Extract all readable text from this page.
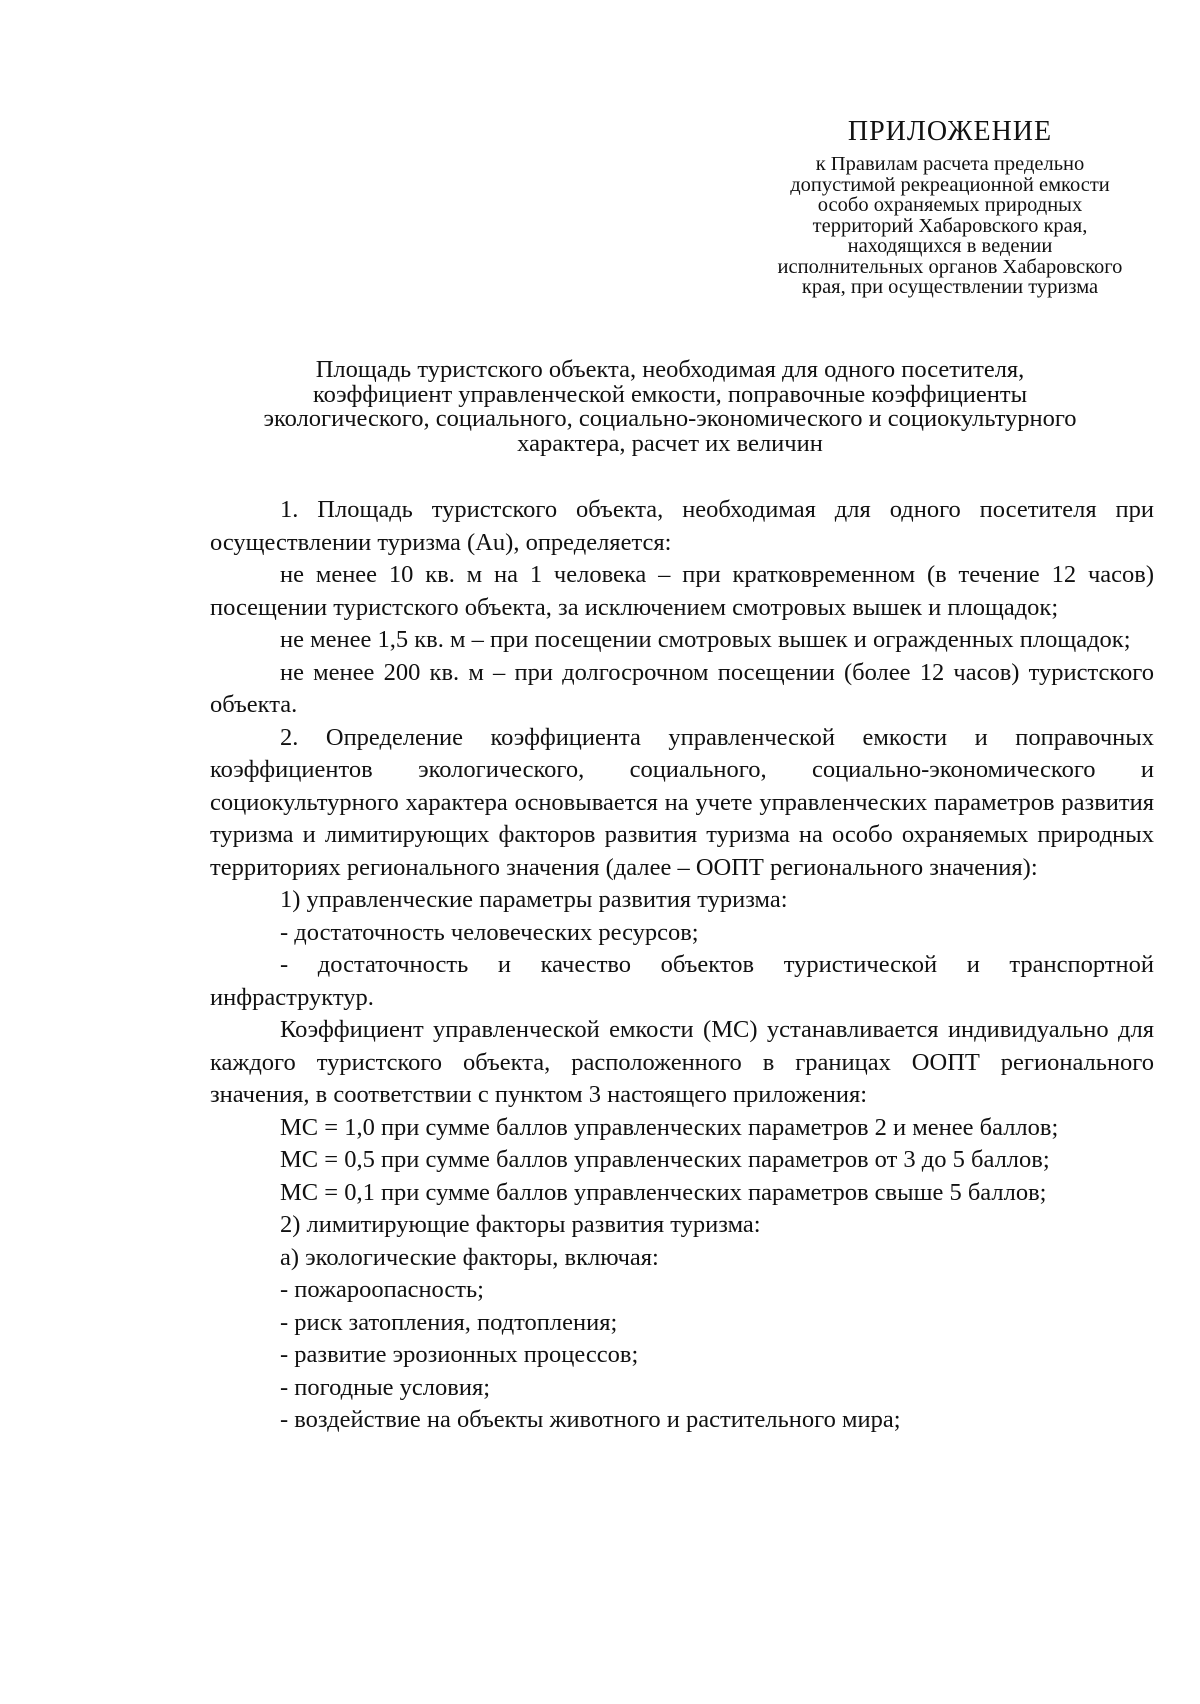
ПРИЛОЖЕНИЕ
к Правилам расчета предельно
допустимой рекреационной емкости
особо охраняемых природных
территорий Хабаровского края,
находящихся в ведении
исполнительных органов Хабаровского
края, при осуществлении туризма
Площадь туристского объекта, необходимая для одного посетителя,
коэффициент управленческой емкости, поправочные коэффициенты
экологического, социального, социально-экономического и социокультурного
характера, расчет их величин

1. Площадь туристского объекта, необходимая для одного посетителя при осуществлении туризма (Au), определяется:

не менее 10 кв. м на 1 человека – при кратковременном (в течение 12 часов) посещении туристского объекта, за исключением смотровых вышек и площадок;

не менее 1,5 кв. м – при посещении смотровых вышек и огражденных площадок;

не менее 200 кв. м – при долгосрочном посещении (более 12 часов) туристского объекта.

2. Определение коэффициента управленческой емкости и поправочных коэффициентов экологического, социального, социально-экономического и социокультурного характера основывается на учете управленческих параметров развития туризма и лимитирующих факторов развития туризма на особо охраняемых природных территориях регионального значения (далее – ООПТ регионального значения):

1) управленческие параметры развития туризма:

- достаточность человеческих ресурсов;

- достаточность и качество объектов туристической и транспортной инфраструктур.

Коэффициент управленческой емкости (MC) устанавливается индивидуально для каждого туристского объекта, расположенного в границах ООПТ регионального значения, в соответствии с пунктом 3 настоящего приложения:

MC = 1,0 при сумме баллов управленческих параметров 2 и менее баллов;

MC = 0,5 при сумме баллов управленческих параметров от 3 до 5 баллов;

MC = 0,1 при сумме баллов управленческих параметров свыше 5 баллов;

2) лимитирующие факторы развития туризма:

а) экологические факторы, включая:

- пожароопасность;

- риск затопления, подтопления;

- развитие эрозионных процессов;

- погодные условия;

- воздействие на объекты животного и растительного мира;
